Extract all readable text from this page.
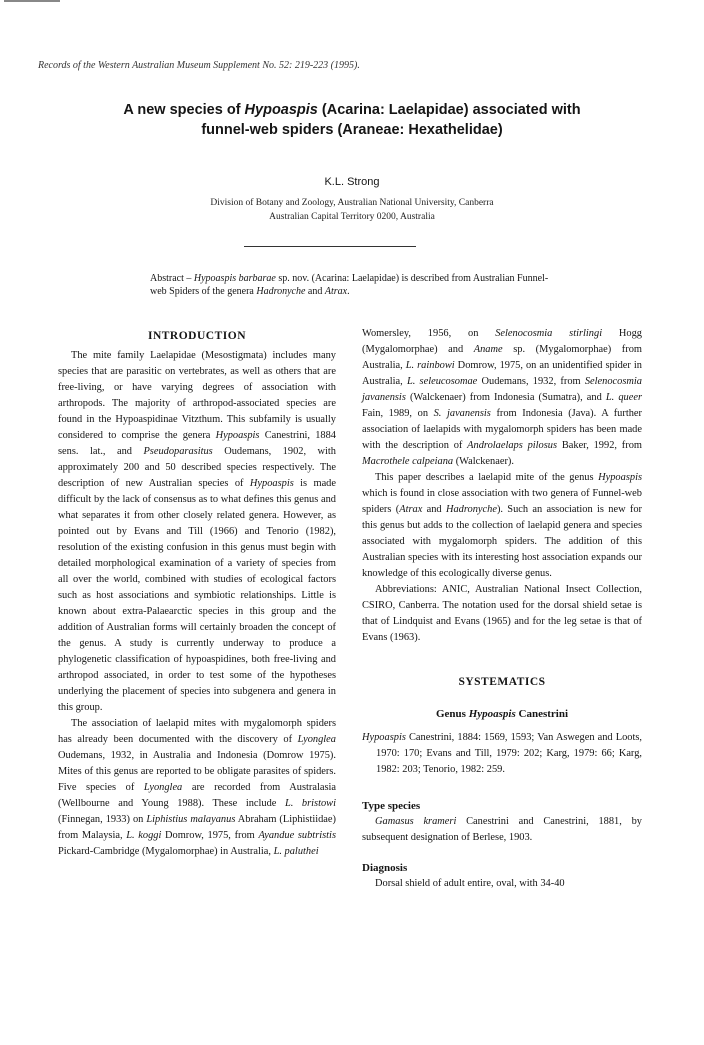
Records of the Western Australian Museum Supplement No. 52: 219-223 (1995).
A new species of Hypoaspis (Acarina: Laelapidae) associated with
funnel-web spiders (Araneae: Hexathelidae)
K.L. Strong
Division of Botany and Zoology, Australian National University, Canberra
Australian Capital Territory 0200, Australia
Abstract – Hypoaspis barbarae sp. nov. (Acarina: Laelapidae) is described from Australian Funnel-web Spiders of the genera Hadronyche and Atrax.
INTRODUCTION

The mite family Laelapidae (Mesostigmata) includes many species that are parasitic on vertebrates, as well as others that are free-living, or have varying degrees of association with arthropods. The majority of arthropod-associated species are found in the Hypoaspidinae Vitzthum. This subfamily is usually considered to comprise the genera Hypoaspis Canestrini, 1884 sens. lat., and Pseudoparasitus Oudemans, 1902, with approximately 200 and 50 described species respectively. The description of new Australian species of Hypoaspis is made difficult by the lack of consensus as to what defines this genus and what separates it from other closely related genera. However, as pointed out by Evans and Till (1966) and Tenorio (1982), resolution of the existing confusion in this genus must begin with detailed morphological examination of a variety of species from all over the world, combined with studies of ecological factors such as host associations and symbiotic relationships. Little is known about extra-Palaearctic species in this group and the addition of Australian forms will certainly broaden the concept of the genus. A study is currently underway to produce a phylogenetic classification of hypoaspidines, both free-living and arthropod associated, in order to test some of the hypotheses underlying the placement of species into subgenera and genera in this group.

The association of laelapid mites with mygalomorph spiders has already been documented with the discovery of Lyonglea Oudemans, 1932, in Australia and Indonesia (Domrow 1975). Mites of this genus are reported to be obligate parasites of spiders. Five species of Lyonglea are recorded from Australasia (Wellbourne and Young 1988). These include L. bristowi (Finnegan, 1933) on Liphistius malayanus Abraham (Liphistiidae) from Malaysia, L. koggi Domrow, 1975, from Ayandue subtristis Pickard-Cambridge (Mygalomorphae) in Australia, L. paluthei

Womersley, 1956, on Selenocosmia stirlingi Hogg (Mygalomorphae) and Aname sp. (Mygalomorphae) from Australia, L. rainbowi Domrow, 1975, on an unidentified spider in Australia, L. seleucosomae Oudemans, 1932, from Selenocosmia javanensis (Walckenaer) from Indonesia (Sumatra), and L. queer Fain, 1989, on S. javanensis from Indonesia (Java). A further association of laelapids with mygalomorph spiders has been made with the description of Androlaelaps pilosus Baker, 1992, from Macrothele calpeiana (Walckenaer).

This paper describes a laelapid mite of the genus Hypoaspis which is found in close association with two genera of Funnel-web spiders (Atrax and Hadronyche). Such an association is new for this genus but adds to the collection of laelapid genera and species associated with mygalomorph spiders. The addition of this Australian species with its interesting host association expands our knowledge of this ecologically diverse genus.

Abbreviations: ANIC, Australian National Insect Collection, CSIRO, Canberra. The notation used for the dorsal shield setae is that of Lindquist and Evans (1965) and for the leg setae is that of Evans (1963).

SYSTEMATICS
Genus Hypoaspis Canestrini
Hypoaspis Canestrini, 1884: 1569, 1593; Van Aswegen and Loots, 1970: 170; Evans and Till, 1979: 202; Karg, 1979: 66; Karg, 1982: 203; Tenorio, 1982: 259.
Type species

Gamasus krameri Canestrini and Canestrini, 1881, by subsequent designation of Berlese, 1903.

Diagnosis

Dorsal shield of adult entire, oval, with 34-40
